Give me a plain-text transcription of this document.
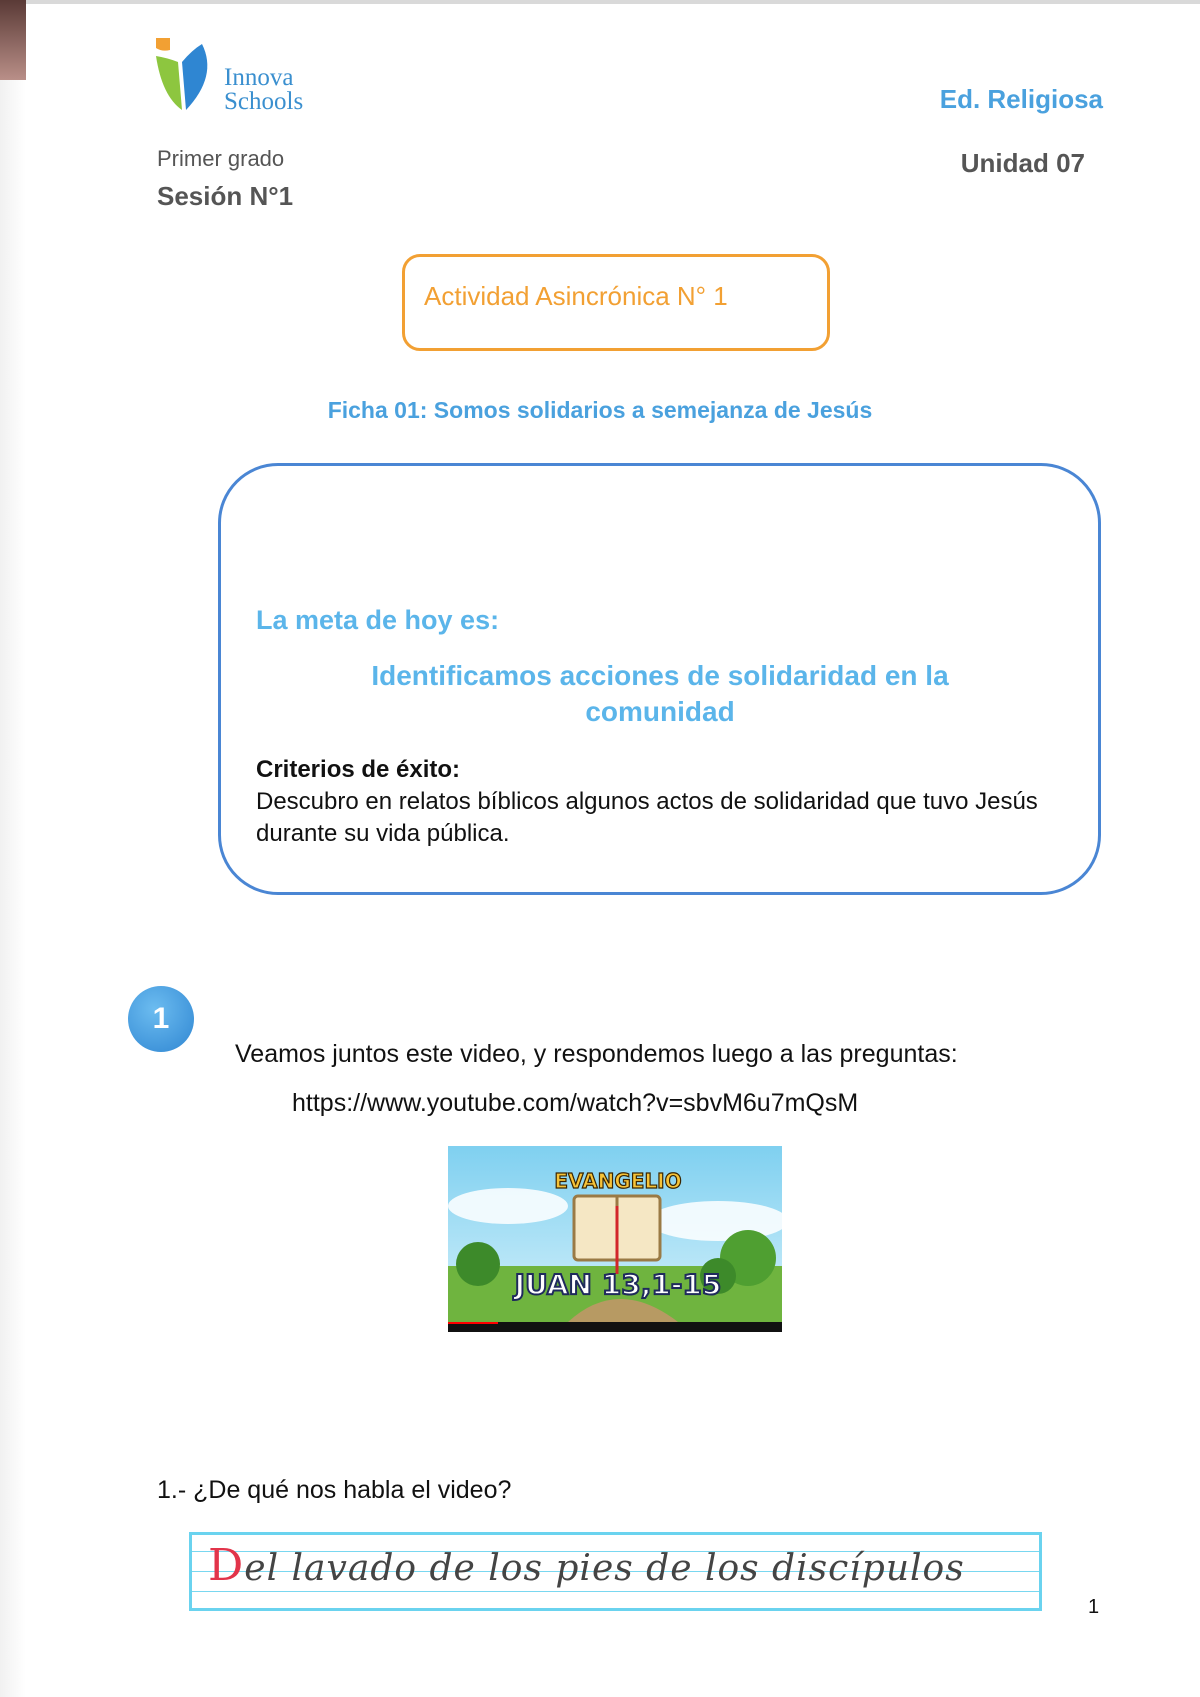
Innova
Schools
Primer grado
Sesión N°1
Ed. Religiosa
Unidad 07
Actividad Asincrónica N° 1
Ficha 01: Somos solidarios a semejanza de Jesús
La meta de hoy es:
Identificamos acciones de solidaridad en la comunidad
Criterios de éxito:
Descubro en relatos bíblicos algunos actos de solidaridad que tuvo Jesús durante su vida pública.
1
Veamos juntos este video, y respondemos luego a las preguntas:
https://www.youtube.com/watch?v=sbvM6u7mQsM
EVANGELIO
JUAN 13,1-15
1.- ¿De qué nos habla el video?
Del lavado de los pies de los discípulos
1
